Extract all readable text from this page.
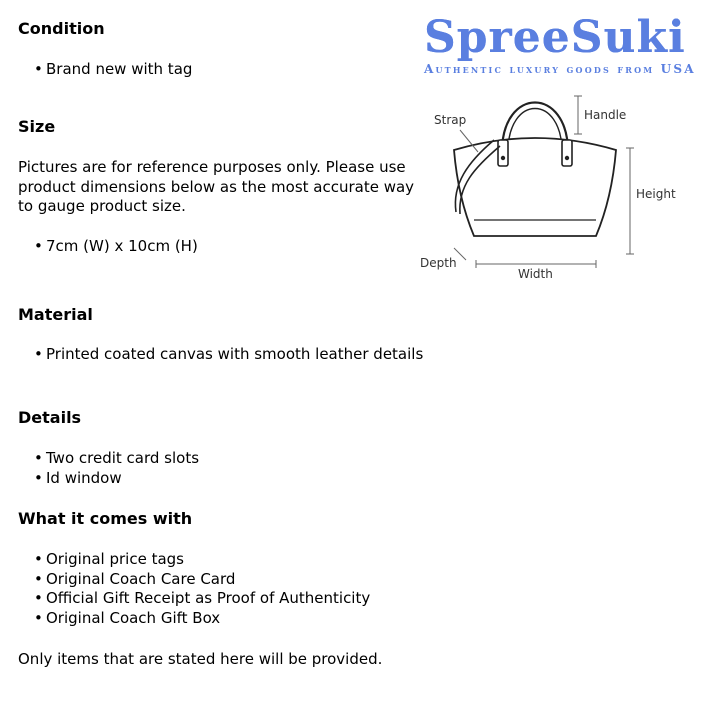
Condition
• Brand new with tag
Size
Pictures are for reference purposes only. Please use product dimensions below as the most accurate way to gauge product size.
• 7cm (W) x 10cm (H)
Material
• Printed coated canvas with smooth leather details
Details
• Two credit card slots
• Id window
What it comes with
• Original price tags
• Original Coach Care Card
• Official Gift Receipt as Proof of Authenticity
• Original Coach Gift Box
Only items that are stated here will be provided.
SpreeSuki
Authentic luxury goods from USA
Strap	Handle
Height
Depth
Width
